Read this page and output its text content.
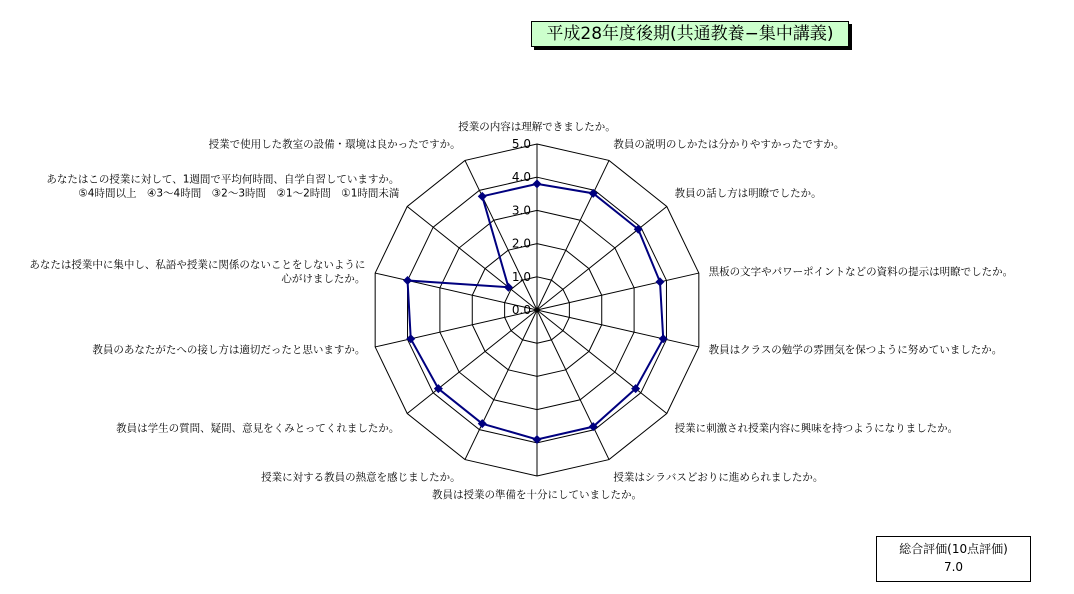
平成28年度後期(共通教養−集中講義)
0.0
1.0
2.0
3.0
4.0
5.0
授業の内容は理解できましたか。
教員の説明のしかたは分かりやすかったですか。
教員の話し方は明瞭でしたか。
黒板の文字やパワーポイントなどの資料の提示は明瞭でしたか。
教員はクラスの勉学の雰囲気を保つように努めていましたか。
授業に刺激され授業内容に興味を持つようになりましたか。
授業はシラバスどおりに進められましたか。
教員は授業の準備を十分にしていましたか。
授業に対する教員の熱意を感じましたか。
教員は学生の質問、疑問、意見をくみとってくれましたか。
教員のあなたがたへの接し方は適切だったと思いますか。
あなたは授業中に集中し、私語や授業に関係のないことをしないように
心がけましたか。
あなたはこの授業に対して、1週間で平均何時間、自学自習していますか。
⑤4時間以上　④3〜4時間　③2〜3時間　②1〜2時間　①1時間未満
授業で使用した教室の設備・環境は良かったですか。
総合評価(10点評価)
7.0
